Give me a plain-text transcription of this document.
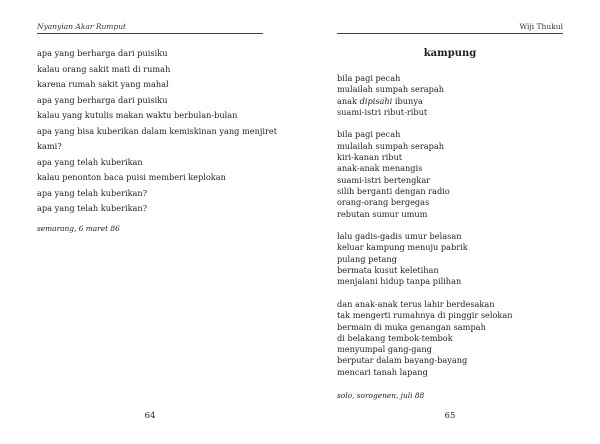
Nyanyian Akar Rumput
apa yang berharga dari puisiku
kalau orang sakit mati di rumah
karena rumah sakit yang mahal
apa yang berharga dari puisiku
kalau yang kutulis makan waktu berbulan-bulan
apa yang bisa kuberikan dalam kemiskinan yang menjiret
kami?
apa yang telah kuberikan
kalau penonton baca puisi memberi keplokan
apa yang telah kuberikan?
apa yang telah kuberikan?
semarang, 6 maret 86
64
Wiji Thukul
kampung
bila pagi pecah
mulailah sumpah serapah
anak dipisahi ibunya
suami-istri ribut-ribut
bila pagi pecah
mulailah sumpah serapah
kiri-kanan ribut
anak-anak menangis
suami-istri bertengkar
silih berganti dengan radio
orang-orang bergegas
rebutan sumur umum
lalu gadis-gadis umur belasan
keluar kampung menuju pabrik
pulang petang
bermata kusut keletihan
menjalani hidup tanpa pilihan
dan anak-anak terus lahir berdesakan
tak mengerti rumahnya di pinggir selokan
bermain di muka genangan sampah
di belakang tembok-tembok
menyumpal gang-gang
berputar dalam bayang-bayang
mencari tanah lapang
solo, sorogenen, juli 88
65
